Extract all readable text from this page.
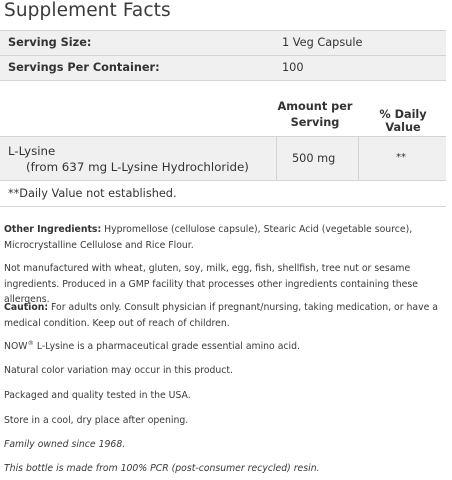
Supplement Facts
Serving Size:	1 Veg Capsule
Servings Per Container:	100
Amount per
Serving
% Daily Value
L-Lysine
(from 637 mg L-Lysine Hydrochloride)
500 mg	**
**Daily Value not established.
Other Ingredients: Hypromellose (cellulose capsule), Stearic Acid (vegetable source), Microcrystalline Cellulose and Rice Flour.
Not manufactured with wheat, gluten, soy, milk, egg, fish, shellfish, tree nut or sesame ingredients. Produced in a GMP facility that processes other ingredients containing these allergens.
Caution: For adults only. Consult physician if pregnant/nursing, taking medication, or have a medical condition. Keep out of reach of children.
NOW® L-Lysine is a pharmaceutical grade essential amino acid.
Natural color variation may occur in this product.
Packaged and quality tested in the USA.
Store in a cool, dry place after opening.
Family owned since 1968.
This bottle is made from 100% PCR (post-consumer recycled) resin.
